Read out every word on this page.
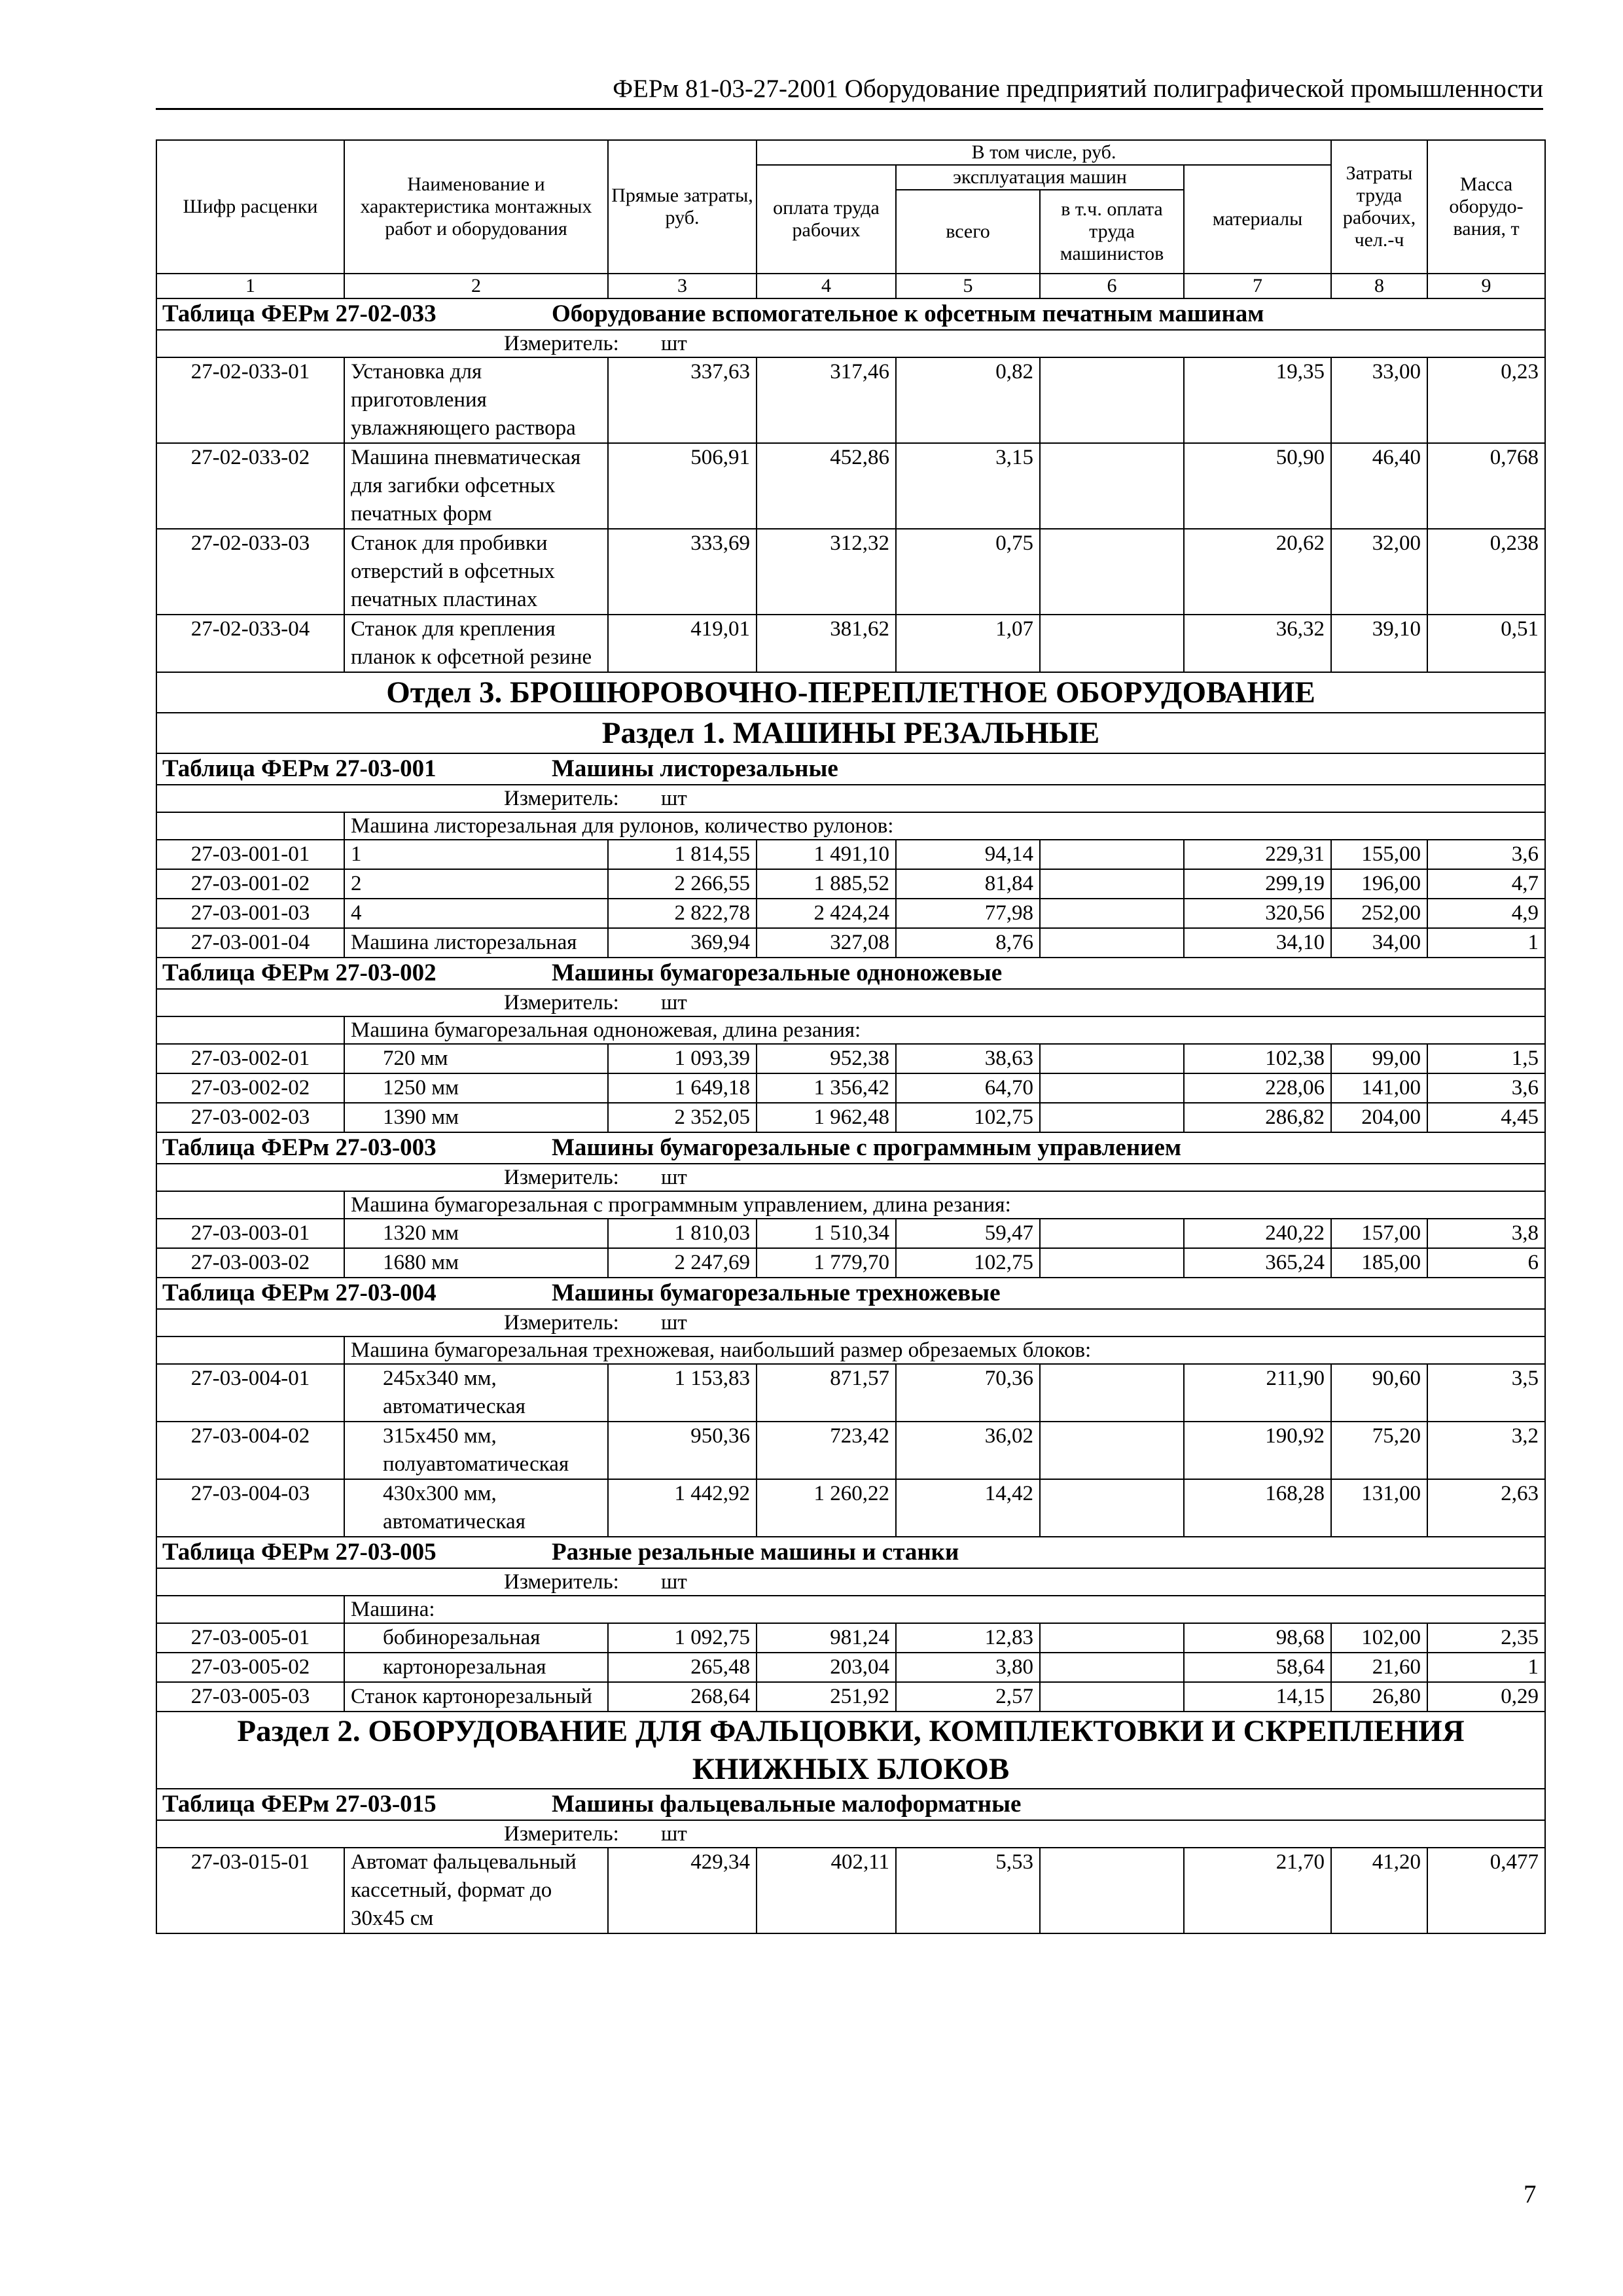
ФЕРм 81-03-27-2001 Оборудование предприятий полиграфической промышленности
Шифр расценки	Наименование и характеристика монтажных работ и оборудования	Прямые затраты, руб.	В том числе, руб.				Затраты труда рабочих, чел.-ч	Масса оборудо-вания, т
			оплата труда рабочих	эксплуатация машин		материалы		
				всего	в т.ч. оплата труда машинистов			

1	2	3	4	5	6	7	8	9
Таблица ФЕРм 27-02-033 Оборудование вспомогательное к офсетным печатным машинам								
Измеритель: шт								
27-02-033-01	Установка для приготовления увлажняющего раствора	337,63	317,46	0,82		19,35	33,00	0,23
27-02-033-02	Машина пневматическая для загибки офсетных печатных форм	506,91	452,86	3,15		50,90	46,40	0,768
27-02-033-03	Станок для пробивки отверстий в офсетных печатных пластинах	333,69	312,32	0,75		20,62	32,00	0,238
27-02-033-04	Станок для крепления планок к офсетной резине	419,01	381,62	1,07		36,32	39,10	0,51
Отдел 3. БРОШЮРОВОЧНО-ПЕРЕПЛЕТНОЕ ОБОРУДОВАНИЕ								
Раздел 1. МАШИНЫ РЕЗАЛЬНЫЕ								
Таблица ФЕРм 27-03-001 Машины листорезальные								
Измеритель: шт								
	Машина листорезальная для рулонов, количество рулонов:							
27-03-001-01	1	1 814,55	1 491,10	94,14		229,31	155,00	3,6
27-03-001-02	2	2 266,55	1 885,52	81,84		299,19	196,00	4,7
27-03-001-03	4	2 822,78	2 424,24	77,98		320,56	252,00	4,9
27-03-001-04	Машина листорезальная	369,94	327,08	8,76		34,10	34,00	1
Таблица ФЕРм 27-03-002 Машины бумагорезальные одноножевые								
Измеритель: шт								
	Машина бумагорезальная одноножевая, длина резания:							
27-03-002-01	720 мм	1 093,39	952,38	38,63		102,38	99,00	1,5
27-03-002-02	1250 мм	1 649,18	1 356,42	64,70		228,06	141,00	3,6
27-03-002-03	1390 мм	2 352,05	1 962,48	102,75		286,82	204,00	4,45
Таблица ФЕРм 27-03-003 Машины бумагорезальные с программным управлением								
Измеритель: шт								
	Машина бумагорезальная с программным управлением, длина резания:							
27-03-003-01	1320 мм	1 810,03	1 510,34	59,47		240,22	157,00	3,8
27-03-003-02	1680 мм	2 247,69	1 779,70	102,75		365,24	185,00	6
Таблица ФЕРм 27-03-004 Машины бумагорезальные трехножевые								
Измеритель: шт								
	Машина бумагорезальная трехножевая, наибольший размер обрезаемых блоков:							
27-03-004-01	245х340 мм, автоматическая	1 153,83	871,57	70,36		211,90	90,60	3,5
27-03-004-02	315х450 мм, полуавтоматическая	950,36	723,42	36,02		190,92	75,20	3,2
27-03-004-03	430х300 мм, автоматическая	1 442,92	1 260,22	14,42		168,28	131,00	2,63
Таблица ФЕРм 27-03-005 Разные резальные машины и станки								
Измеритель: шт								
	Машина:							
27-03-005-01	бобинорезальная	1 092,75	981,24	12,83		98,68	102,00	2,35
27-03-005-02	картонорезальная	265,48	203,04	3,80		58,64	21,60	1
27-03-005-03	Станок картонорезальный	268,64	251,92	2,57		14,15	26,80	0,29
Раздел 2. ОБОРУДОВАНИЕ ДЛЯ ФАЛЬЦОВКИ, КОМПЛЕКТОВКИ И СКРЕПЛЕНИЯ КНИЖНЫХ БЛОКОВ								
Таблица ФЕРм 27-03-015 Машины фальцевальные малоформатные								
Измеритель: шт								
27-03-015-01	Автомат фальцевальный кассетный, формат до 30х45 см	429,34	402,11	5,53		21,70	41,20	0,477
7
